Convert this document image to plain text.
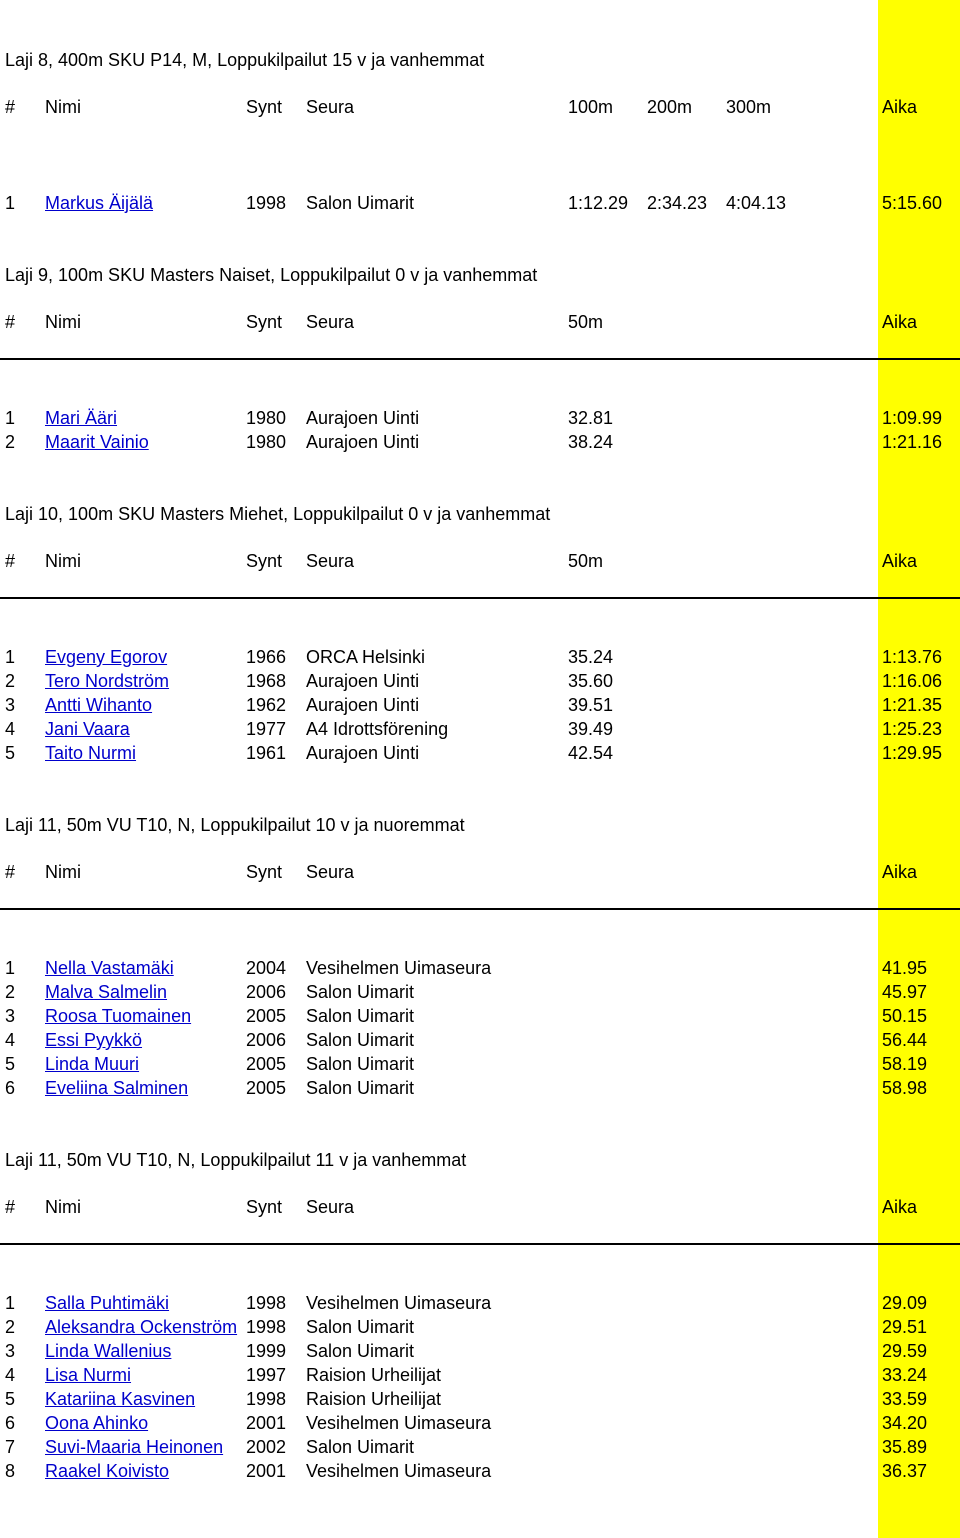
Laji 8, 400m SKU P14, M, Loppukilpailut 15 v ja vanhemmat
# Nimi	Synt Seura	100m 200m 300m	Aika
1 Markus Äijälä	1998 Salon Uimarit	1:12.29 2:34.23 4:04.13	5:15.60
Laji 9, 100m SKU Masters Naiset, Loppukilpailut 0 v ja vanhemmat
# Nimi	Synt Seura	50m	Aika
1 Mari Ääri	1980 Aurajoen Uinti	32.81	1:09.99
2 Maarit Vainio	1980 Aurajoen Uinti	38.24	1:21.16
Laji 10, 100m SKU Masters Miehet, Loppukilpailut 0 v ja vanhemmat
# Nimi	Synt Seura	50m	Aika
1 Evgeny Egorov	1966 ORCA Helsinki	35.24	1:13.76
2 Tero Nordström	1968 Aurajoen Uinti	35.60	1:16.06
3 Antti Wihanto	1962 Aurajoen Uinti	39.51	1:21.35
4 Jani Vaara	1977 A4 Idrottsförening	39.49	1:25.23
5 Taito Nurmi	1961 Aurajoen Uinti	42.54	1:29.95
Laji 11, 50m VU T10, N, Loppukilpailut 10 v ja nuoremmat
# Nimi	Synt Seura	Aika
1 Nella Vastamäki	2004 Vesihelmen Uimaseura	41.95
2 Malva Salmelin	2006 Salon Uimarit	45.97
3 Roosa Tuomainen	2005 Salon Uimarit	50.15
4 Essi Pyykkö	2006 Salon Uimarit	56.44
5 Linda Muuri	2005 Salon Uimarit	58.19
6 Eveliina Salminen	2005 Salon Uimarit	58.98
Laji 11, 50m VU T10, N, Loppukilpailut 11 v ja vanhemmat
# Nimi	Synt Seura	Aika
1 Salla Puhtimäki	1998 Vesihelmen Uimaseura	29.09
2 Aleksandra Ockenström 1998 Salon Uimarit	29.51
3 Linda Wallenius	1999 Salon Uimarit	29.59
4 Lisa Nurmi	1997 Raision Urheilijat	33.24
5 Katariina Kasvinen	1998 Raision Urheilijat	33.59
6 Oona Ahinko	2001 Vesihelmen Uimaseura	34.20
7 Suvi-Maaria Heinonen	2002 Salon Uimarit	35.89
8 Raakel Koivisto	2001 Vesihelmen Uimaseura	36.37
